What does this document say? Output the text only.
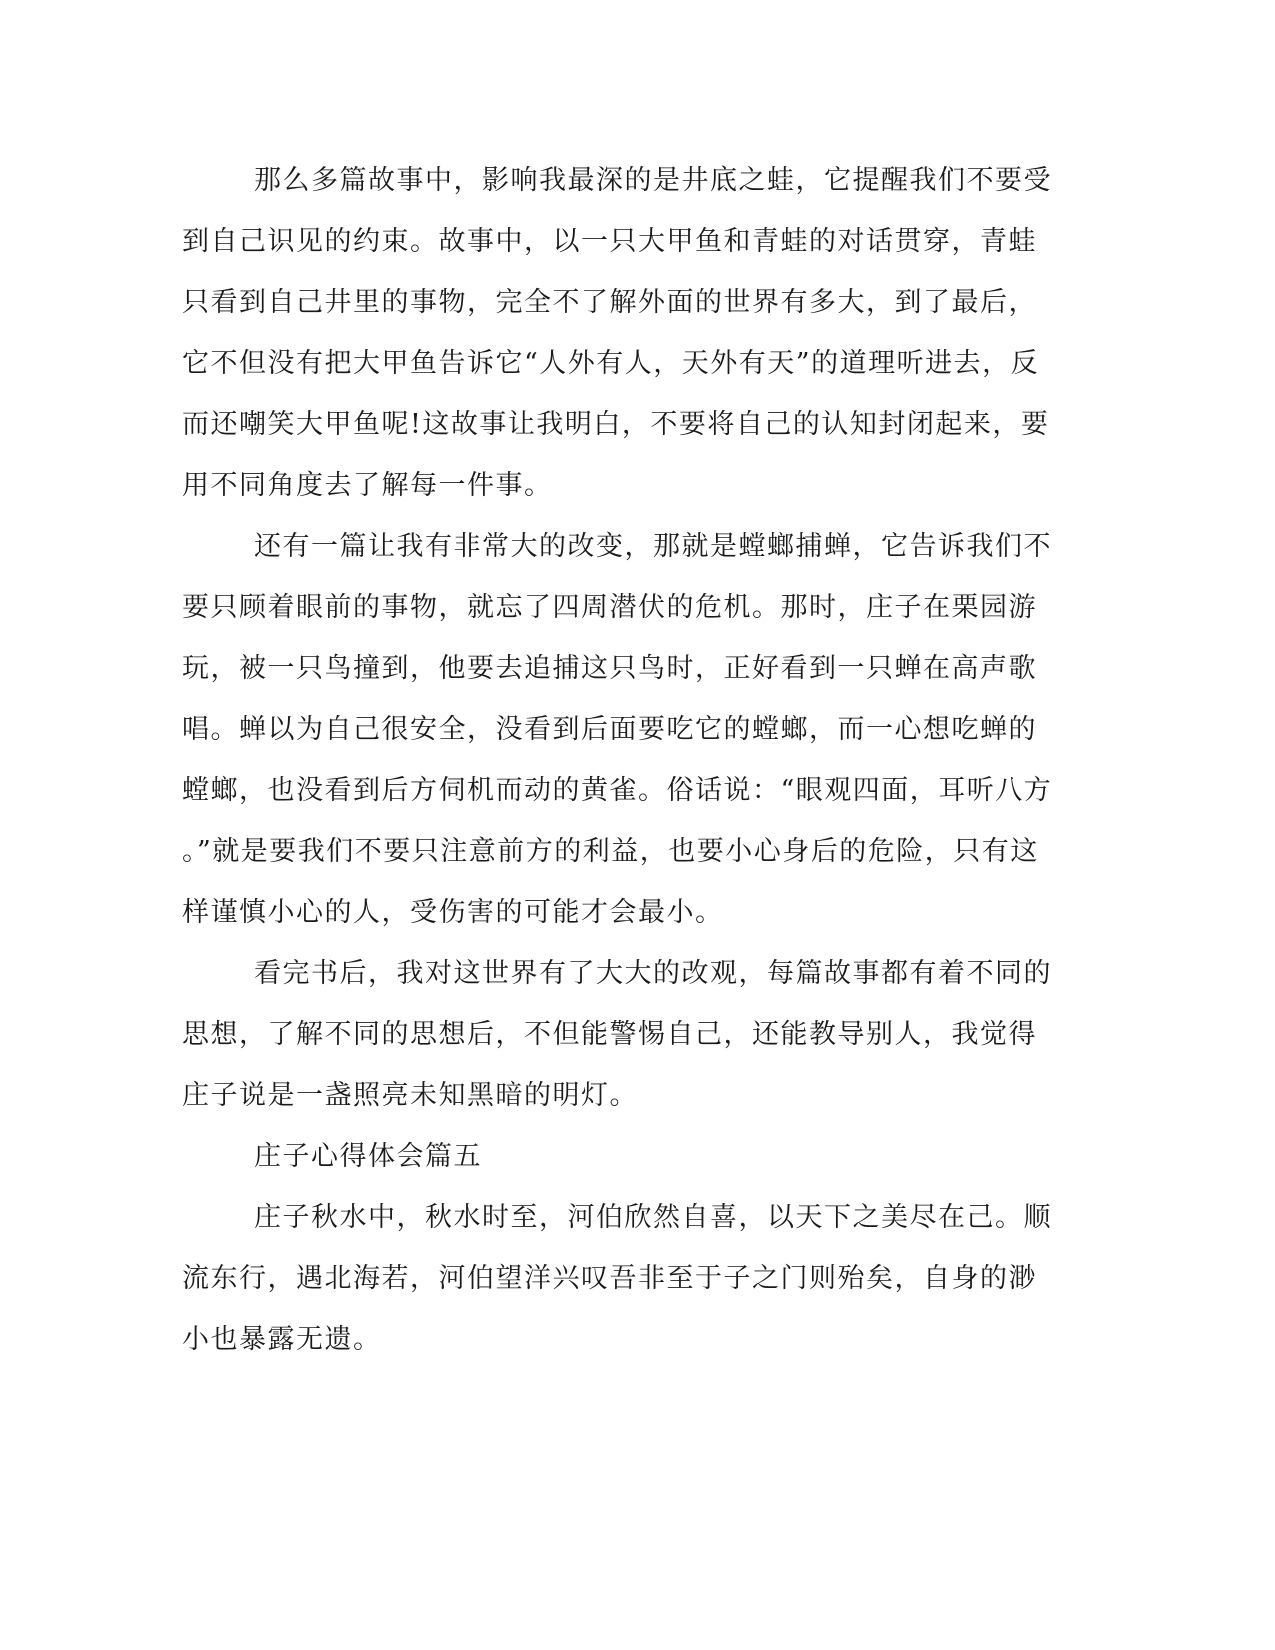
那么多篇故事中，影响我最深的是井底之蛙，它提醒我们不要受
到自己识见的约束。故事中，以一只大甲鱼和青蛙的对话贯穿，青蛙
只看到自己井里的事物，完全不了解外面的世界有多大，到了最后，
它不但没有把大甲鱼告诉它“人外有人，天外有天”的道理听进去，反
而还嘲笑大甲鱼呢!这故事让我明白，不要将自己的认知封闭起来，要
用不同角度去了解每一件事。
还有一篇让我有非常大的改变，那就是螳螂捕蝉，它告诉我们不
要只顾着眼前的事物，就忘了四周潜伏的危机。那时，庄子在栗园游
玩，被一只鸟撞到，他要去追捕这只鸟时，正好看到一只蝉在高声歌
唱。蝉以为自己很安全，没看到后面要吃它的螳螂，而一心想吃蝉的
螳螂，也没看到后方伺机而动的黄雀。俗话说：“眼观四面，耳听八方
。”就是要我们不要只注意前方的利益，也要小心身后的危险，只有这
样谨慎小心的人，受伤害的可能才会最小。
看完书后，我对这世界有了大大的改观，每篇故事都有着不同的
思想，了解不同的思想后，不但能警惕自己，还能教导别人，我觉得
庄子说是一盏照亮未知黑暗的明灯。
庄子心得体会篇五
庄子秋水中，秋水时至，河伯欣然自喜，以天下之美尽在己。顺
流东行，遇北海若，河伯望洋兴叹吾非至于子之门则殆矣，自身的渺
小也暴露无遗。
